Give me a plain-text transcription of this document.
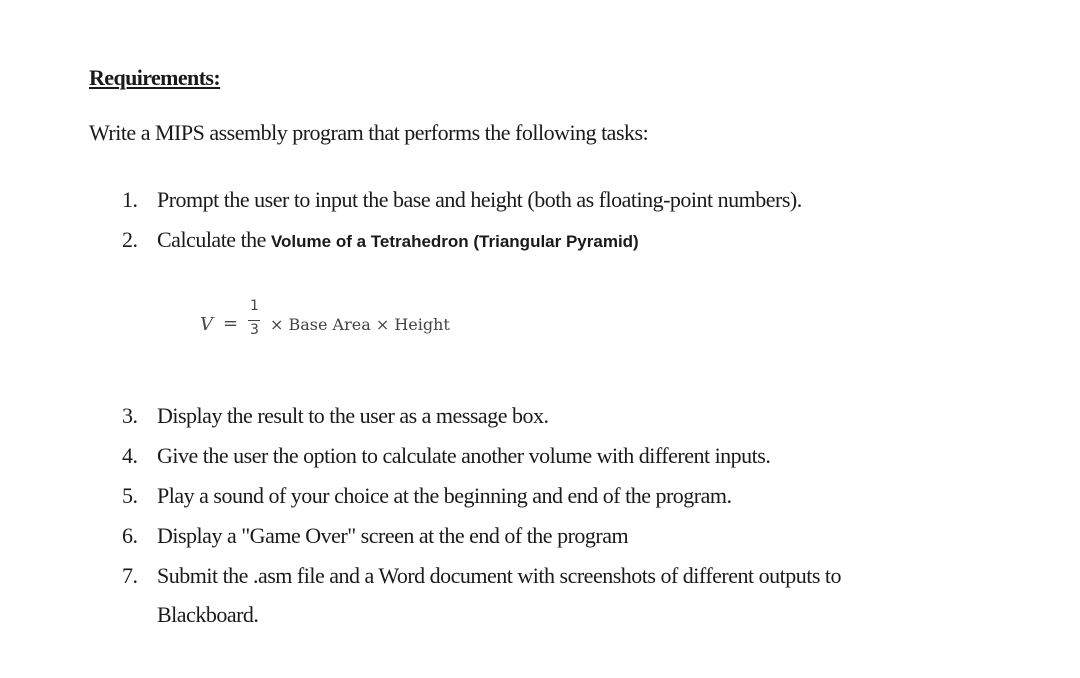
Requirements:
Write a MIPS assembly program that performs the following tasks:
1. Prompt the user to input the base and height (both as floating-point numbers).
2. Calculate the Volume of a Tetrahedron (Triangular Pyramid)
V =
1
3 × Base Area × Height
3. Display the result to the user as a message box.
4. Give the user the option to calculate another volume with different inputs.
5. Play a sound of your choice at the beginning and end of the program.
6. Display a "Game Over" screen at the end of the program
7. Submit the .asm file and a Word document with screenshots of different outputs to
Blackboard.
